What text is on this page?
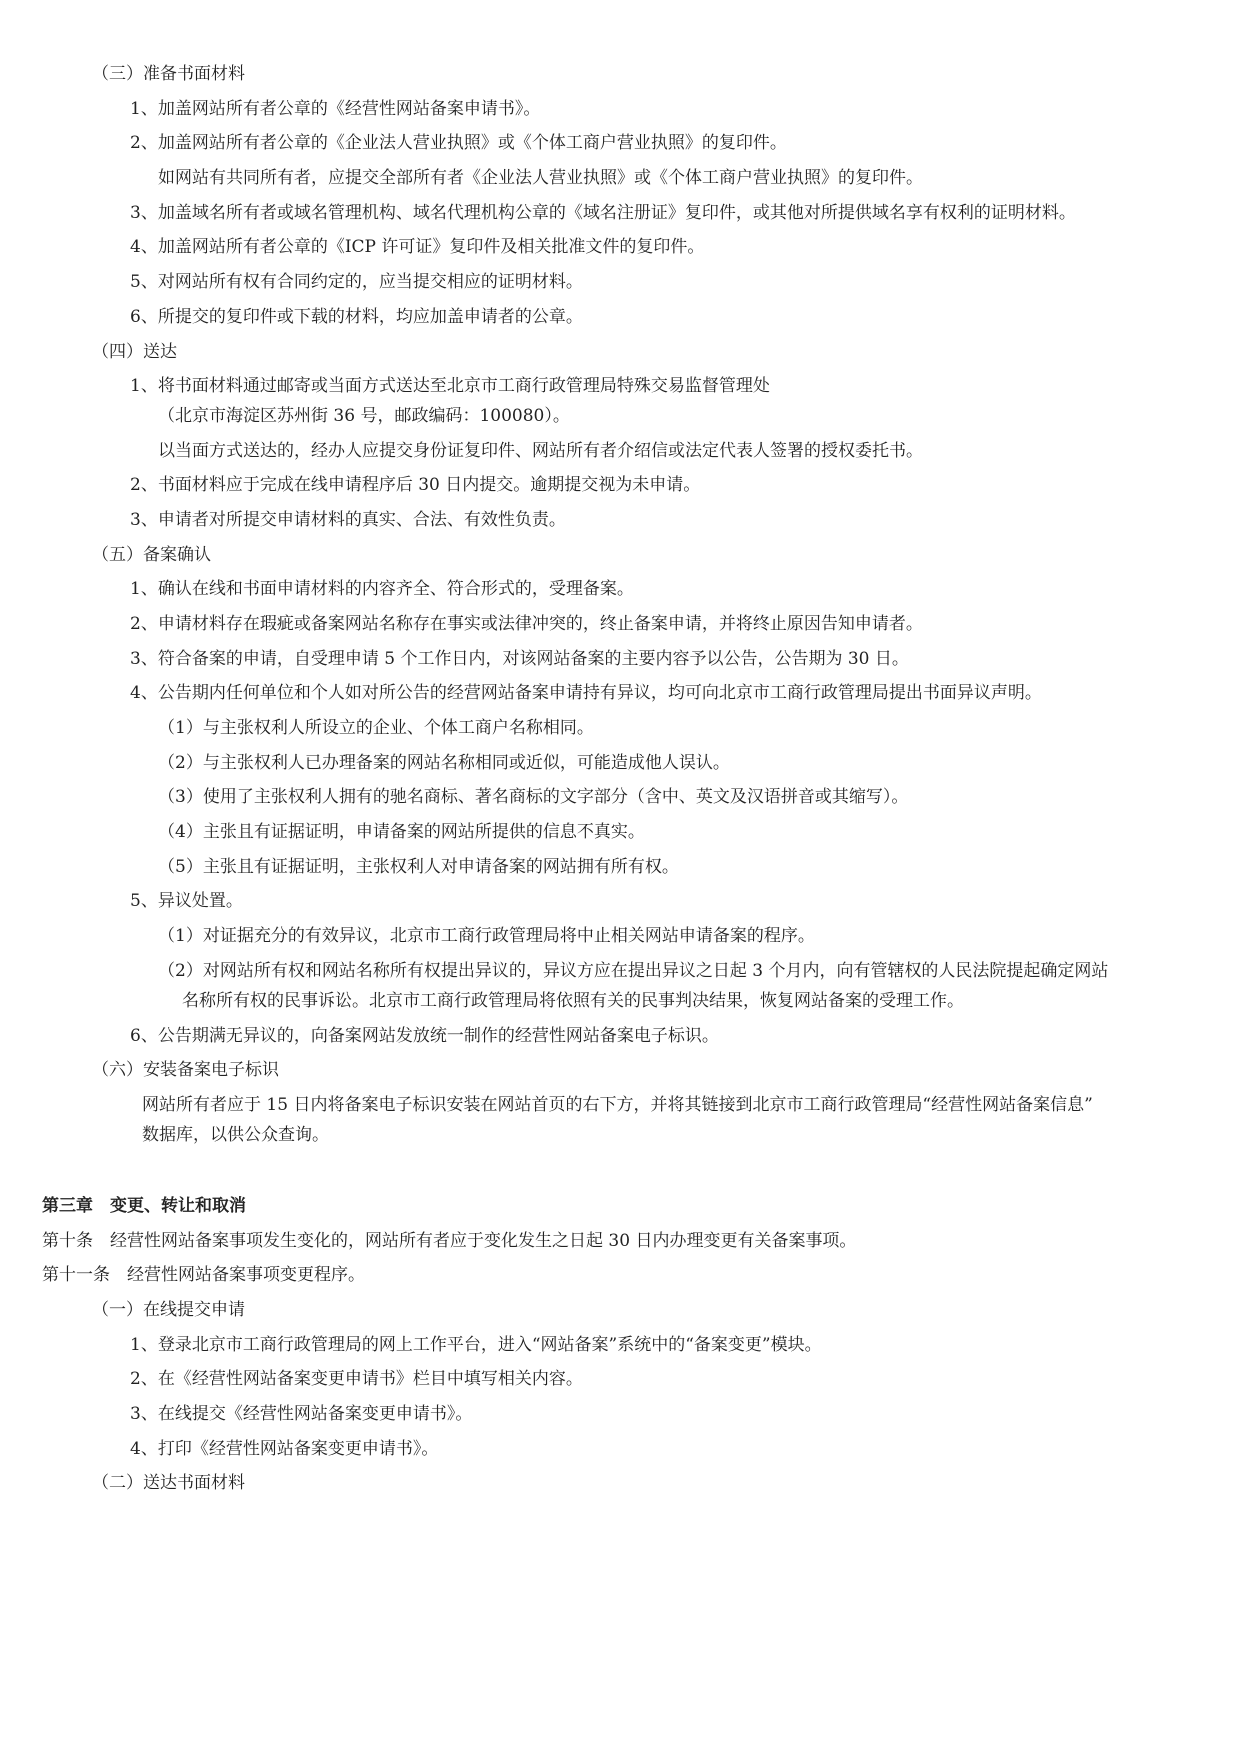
（三）准备书面材料
1、加盖网站所有者公章的《经营性网站备案申请书》。
2、加盖网站所有者公章的《企业法人营业执照》或《个体工商户营业执照》的复印件。
如网站有共同所有者，应提交全部所有者《企业法人营业执照》或《个体工商户营业执照》的复印件。
3、加盖域名所有者或域名管理机构、域名代理机构公章的《域名注册证》复印件，或其他对所提供域名享有权利的证明材料。
4、加盖网站所有者公章的《ICP 许可证》复印件及相关批准文件的复印件。
5、对网站所有权有合同约定的，应当提交相应的证明材料。
6、所提交的复印件或下载的材料，均应加盖申请者的公章。
（四）送达
1、将书面材料通过邮寄或当面方式送达至北京市工商行政管理局特殊交易监督管理处
（北京市海淀区苏州街 36 号，邮政编码：100080）。
以当面方式送达的，经办人应提交身份证复印件、网站所有者介绍信或法定代表人签署的授权委托书。
2、书面材料应于完成在线申请程序后 30 日内提交。逾期提交视为未申请。
3、申请者对所提交申请材料的真实、合法、有效性负责。
（五）备案确认
1、确认在线和书面申请材料的内容齐全、符合形式的，受理备案。
2、申请材料存在瑕疵或备案网站名称存在事实或法律冲突的，终止备案申请，并将终止原因告知申请者。
3、符合备案的申请，自受理申请 5 个工作日内，对该网站备案的主要内容予以公告，公告期为 30 日。
4、公告期内任何单位和个人如对所公告的经营网站备案申请持有异议，均可向北京市工商行政管理局提出书面异议声明。
（1）与主张权利人所设立的企业、个体工商户名称相同。
（2）与主张权利人已办理备案的网站名称相同或近似，可能造成他人误认。
（3）使用了主张权利人拥有的驰名商标、著名商标的文字部分（含中、英文及汉语拼音或其缩写）。
（4）主张且有证据证明，申请备案的网站所提供的信息不真实。
（5）主张且有证据证明，主张权利人对申请备案的网站拥有所有权。
5、异议处置。
（1）对证据充分的有效异议，北京市工商行政管理局将中止相关网站申请备案的程序。
（2）对网站所有权和网站名称所有权提出异议的，异议方应在提出异议之日起 3 个月内，向有管辖权的人民法院提起确定网站
名称所有权的民事诉讼。北京市工商行政管理局将依照有关的民事判决结果，恢复网站备案的受理工作。
6、公告期满无异议的，向备案网站发放统一制作的经营性网站备案电子标识。
（六）安装备案电子标识
网站所有者应于 15 日内将备案电子标识安装在网站首页的右下方，并将其链接到北京市工商行政管理局“经营性网站备案信息”
数据库，以供公众查询。
第三章　变更、转让和取消
第十条　经营性网站备案事项发生变化的，网站所有者应于变化发生之日起 30 日内办理变更有关备案事项。
第十一条　经营性网站备案事项变更程序。
（一）在线提交申请
1、登录北京市工商行政管理局的网上工作平台，进入“网站备案”系统中的“备案变更”模块。
2、在《经营性网站备案变更申请书》栏目中填写相关内容。
3、在线提交《经营性网站备案变更申请书》。
4、打印《经营性网站备案变更申请书》。
（二）送达书面材料
